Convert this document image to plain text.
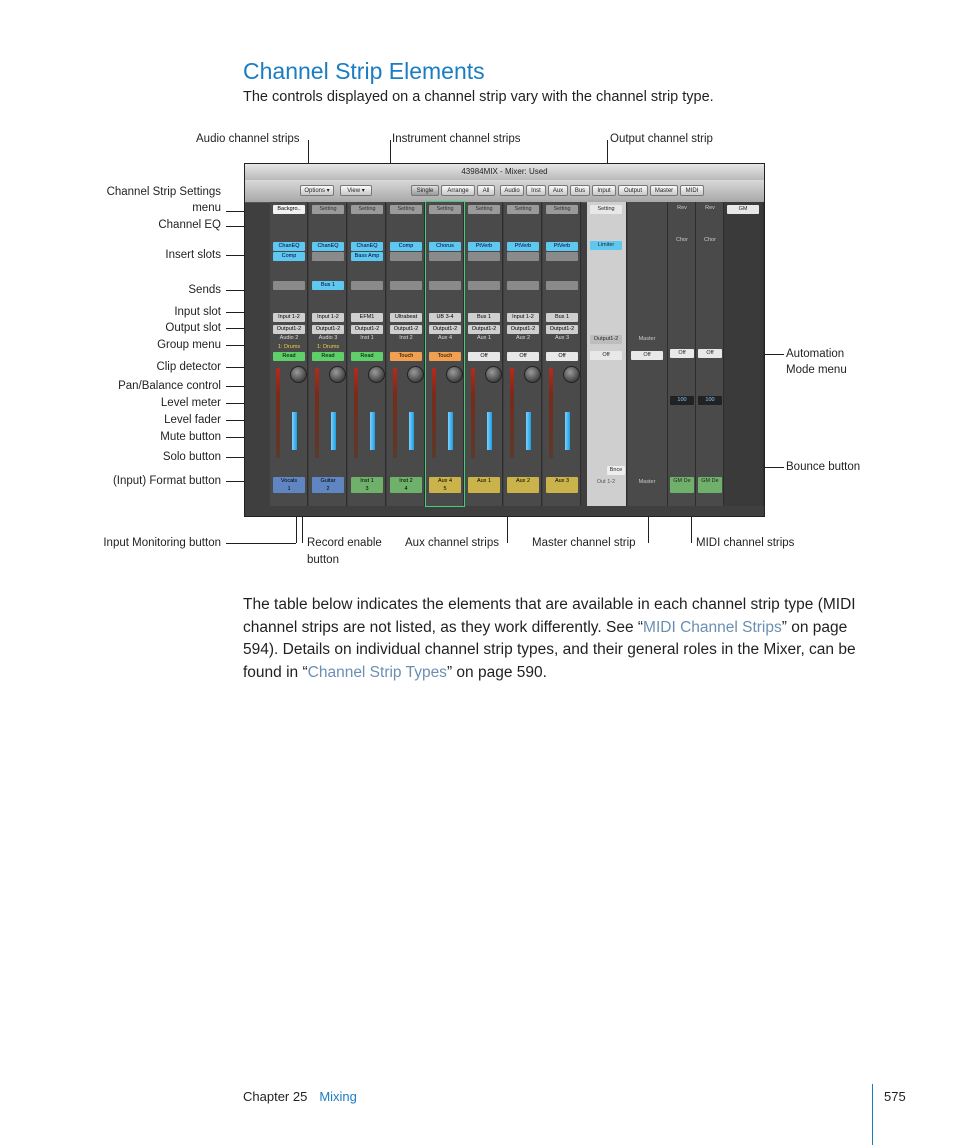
Channel Strip Elements
The controls displayed on a channel strip vary with the channel strip type.
Audio channel strips	Instrument channel strips	Output channel strip
Channel Strip Settings
menu
Channel EQ
Insert slots
Sends
Input slot
Output slot
Group menu
Clip detector
Pan/Balance control
Level meter
Level fader
Mute button
Solo button
(Input) Format button
Input Monitoring button
Automation
Mode menu
Bounce button
Record enable
button
Aux channel strips	Master channel strip	MIDI channel strips
43984MIX - Mixer: Used
Options ▾	View ▾	Single	Arrange	All	Audio	Inst	Aux	Bus	Input	Output	Master	MIDI
Backgro..
ChanEQ
Comp
Input 1-2
Output1-2
Audio 2
1: Drums
Read
Vocals
1
Setting
ChanEQ
Bus 1
Input 1-2
Output1-2
Audio 3
1: Drums
Read
Guitar
2
Setting
ChanEQ
Bass Amp
EFM1
Output1-2
Inst 1
Read
Inst 1
3
Setting
Comp
Ultrabeat
Output1-2
Inst 2
Touch
Inst 2
4
Setting
Chorus
UB 3-4
Output1-2
Aux 4
Touch
Aux 4
5
Setting
PtVerb
Bus 1
Output1-2
Aux 1
Off
Aux 1
Setting
PtVerb
Input 1-2
Output1-2
Aux 2
Off
Aux 2
Setting
PtVerb
Bus 1
Output1-2
Aux 3
Off
Aux 3
Setting
Limiter
Output1-2
Off
Bnce
Out 1-2
Master
Off
Master
Rev
Chor
Off
100
GM De
Rev
Chor
Off
100
GM De
GM
The table below indicates the elements that are available in each channel strip type (MIDI channel strips are not listed, as they work differently. See “MIDI Channel Strips” on page 594). Details on individual channel strip types, and their general roles in the Mixer, can be found in “Channel Strip Types” on page 590.
Chapter 25 Mixing	575
